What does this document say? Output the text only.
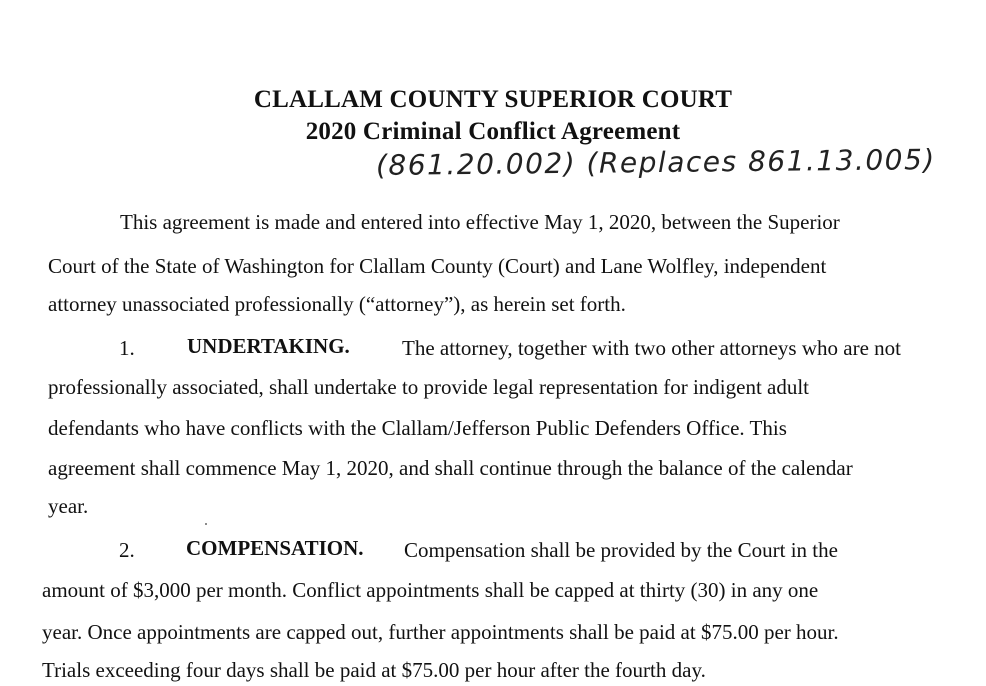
CLALLAM COUNTY SUPERIOR COURT
2020 Criminal Conflict Agreement
(861.20.002) (Replaces 861.13.005)
This agreement is made and entered into effective May 1, 2020, between the Superior
Court of the State of Washington for Clallam County (Court) and Lane Wolfley, independent
attorney unassociated professionally (“attorney”), as herein set forth.
1. UNDERTAKING. The attorney, together with two other attorneys who are not
professionally associated, shall undertake to provide legal representation for indigent adult
defendants who have conflicts with the Clallam/Jefferson Public Defenders Office. This
agreement shall commence May 1, 2020, and shall continue through the balance of the calendar
year.
2. COMPENSATION. Compensation shall be provided by the Court in the
amount of $3,000 per month. Conflict appointments shall be capped at thirty (30) in any one
year. Once appointments are capped out, further appointments shall be paid at $75.00 per hour.
Trials exceeding four days shall be paid at $75.00 per hour after the fourth day.
